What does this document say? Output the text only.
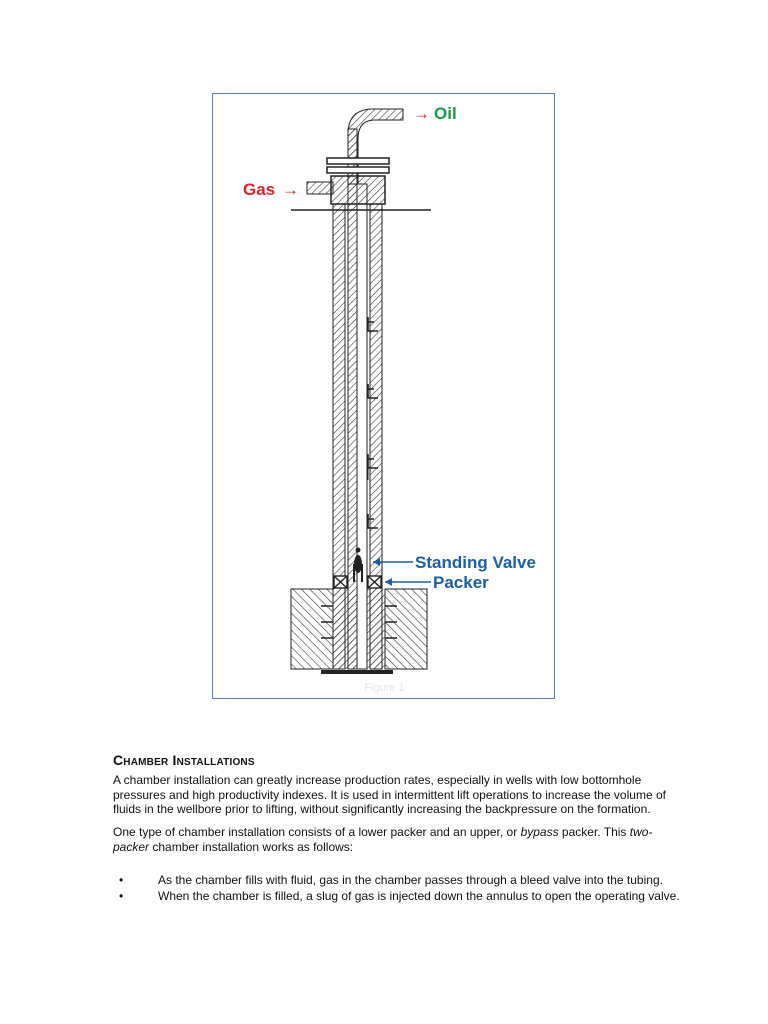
→ Oil
Gas →
Standing Valve
Packer
Figure 1
Chamber Installations

A chamber installation can greatly increase production rates, especially in wells with low bottomhole pressures and high productivity indexes. It is used in intermittent lift operations to increase the volume of fluids in the wellbore prior to lifting, without significantly increasing the backpressure on the formation.

One type of chamber installation consists of a lower packer and an upper, or bypass packer. This two-packer chamber installation works as follows:

•	As the chamber fills with fluid, gas in the chamber passes through a bleed valve into the tubing.
•	When the chamber is filled, a slug of gas is injected down the annulus to open the operating valve.
